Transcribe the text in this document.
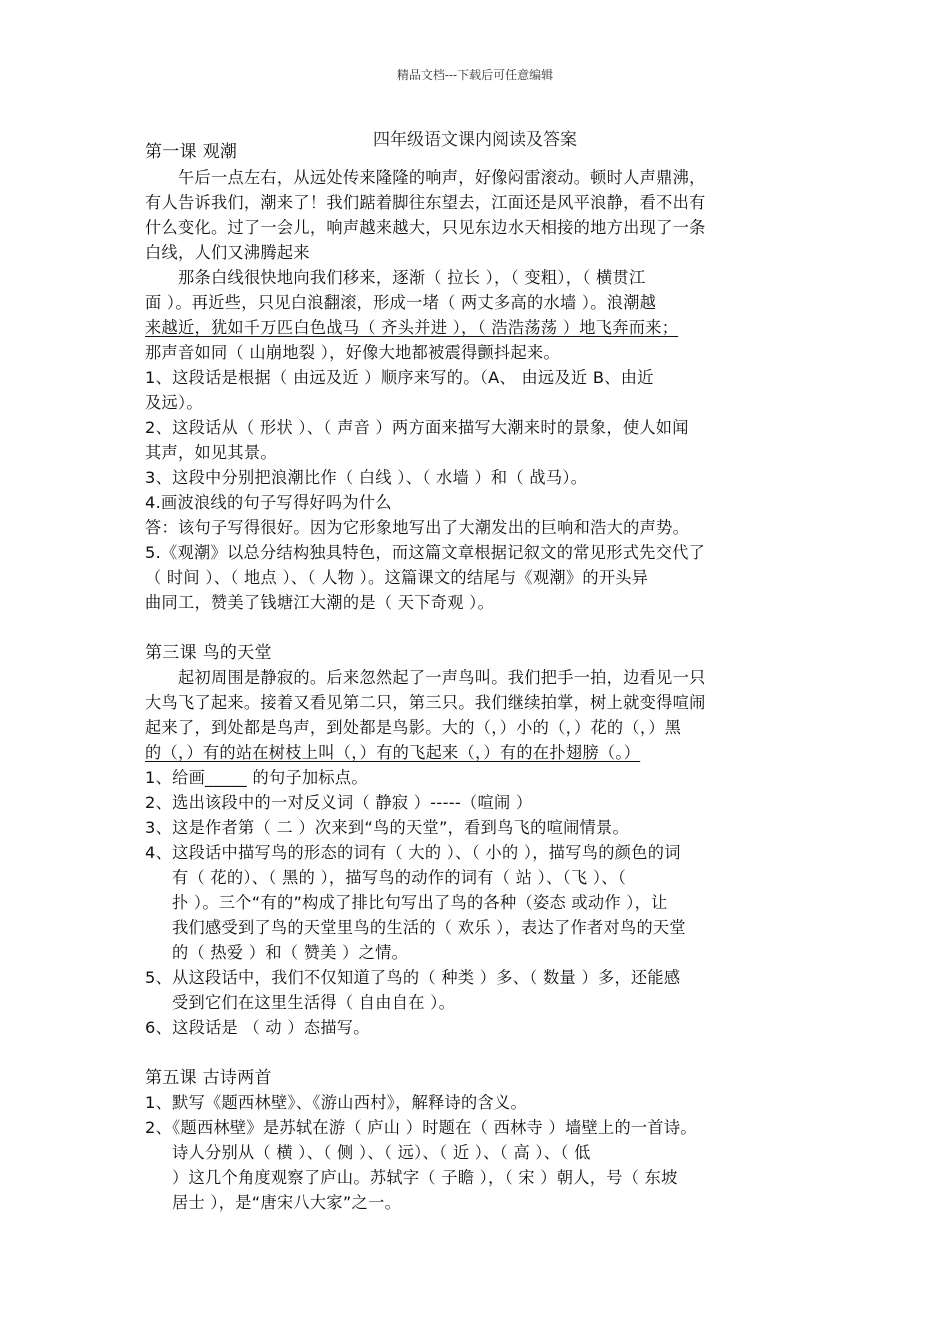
精品文档---下载后可任意编辑
四年级语文课内阅读及答案
第一课 观潮
午后一点左右，从远处传来隆隆的响声，好像闷雷滚动。顿时人声鼎沸，
有人告诉我们，潮来了！我们踮着脚往东望去，江面还是风平浪静，看不出有
什么变化。过了一会儿，响声越来越大，只见东边水天相接的地方出现了一条
白线，人们又沸腾起来
那条白线很快地向我们移来，逐渐（ 拉长 ），（ 变粗），（ 横贯江
面 ）。再近些，只见白浪翻滚，形成一堵（ 两丈多高的水墙 ）。浪潮越
来越近，犹如千万匹白色战马（ 齐头并进 ），（ 浩浩荡荡 ）地飞奔而来；
那声音如同（ 山崩地裂 ），好像大地都被震得颤抖起来。
1、这段话是根据（ 由远及近 ）顺序来写的。（A、 由远及近 B、由近
及远）。
2、这段话从（ 形状 ）、（ 声音 ）两方面来描写大潮来时的景象，使人如闻
其声，如见其景。
3、这段中分别把浪潮比作（ 白线 ）、（ 水墙 ）和（ 战马）。
4.画波浪线的句子写得好吗为什么
答：该句子写得很好。因为它形象地写出了大潮发出的巨响和浩大的声势。
5.《观潮》以总分结构独具特色，而这篇文章根据记叙文的常见形式先交代了
（ 时间 ）、（ 地点 ）、（ 人物 ）。这篇课文的结尾与《观潮》的开头异
曲同工，赞美了钱塘江大潮的是（ 天下奇观 ）。
第三课 鸟的天堂
起初周围是静寂的。后来忽然起了一声鸟叫。我们把手一拍，边看见一只
大鸟飞了起来。接着又看见第二只，第三只。我们继续拍掌，树上就变得喧闹
起来了，到处都是鸟声，到处都是鸟影。大的（，）小的（，）花的（，）黑
的（，）有的站在树枝上叫（，）有的飞起来（，）有的在扑翅膀（。）
1、给画_____ 的句子加标点。
2、选出该段中的一对反义词（ 静寂 ）-----（喧闹 ）
3、这是作者第（ 二 ）次来到“鸟的天堂”，看到鸟飞的喧闹情景。
4、这段话中描写鸟的形态的词有（ 大的 ）、（ 小的 ），描写鸟的颜色的词
有（ 花的）、（ 黑的 ），描写鸟的动作的词有（ 站 ）、（飞 ）、（
扑 ）。三个“有的”构成了排比句写出了鸟的各种（姿态 或动作 ），让
我们感受到了鸟的天堂里鸟的生活的（ 欢乐 ），表达了作者对鸟的天堂
的（ 热爱 ）和（ 赞美 ）之情。
5、从这段话中，我们不仅知道了鸟的（ 种类 ）多、（ 数量 ）多，还能感
受到它们在这里生活得（ 自由自在 ）。
6、这段话是 （ 动 ）态描写。
第五课 古诗两首
1、默写《题西林壁》、《游山西村》，解释诗的含义。
2、《题西林壁》是苏轼在游（ 庐山 ）时题在（ 西林寺 ）墙壁上的一首诗。
诗人分别从（ 横 ）、（ 侧 ）、（ 远）、（ 近 ）、（ 高 ）、（ 低
）这几个角度观察了庐山。苏轼字（ 子瞻 ），（ 宋 ）朝人，号（ 东坡
居士 ），是“唐宋八大家”之一。
